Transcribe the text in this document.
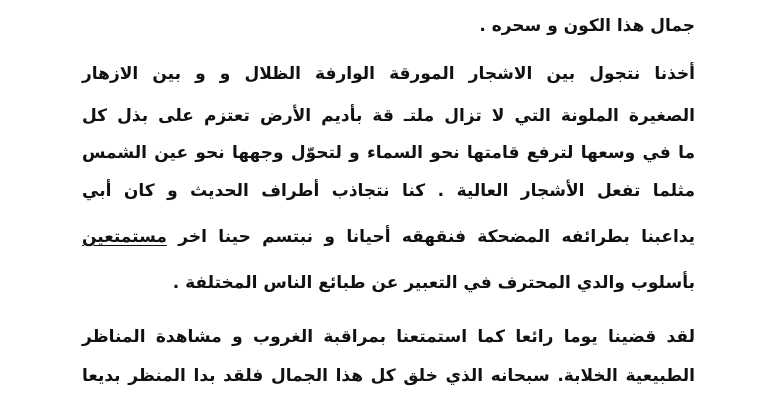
جمال هذا الكون و سحره .

أخذنا نتجول بين الاشجار المورقة الوارفة الظلال و و بين الازهار

الصغيرة الملونة التي لا تزال ملتـ قة بأديم الأرض تعتزم على بذل كل

ما في وسعها لترفع قامتها نحو السماء و لتحوّل وجهها نحو عين الشمس

مثلما تفعل الأشجار العالية . كنا نتجاذب أطراف الحديث و كان أبي

يداعبنا بطرائفه المضحكة فنقهقه أحيانا و نبتسم حينا اخر مستمتعين

بأسلوب والدي المحترف في التعبير عن طبائع الناس المختلفة .

لقد قضينا يوما رائعا كما استمتعنا بمراقبة الغروب و مشاهدة المناظر

الطبيعية الخلابة. سبحانه الذي خلق كل هذا الجمال فلقد بدا المنظر بديعا
